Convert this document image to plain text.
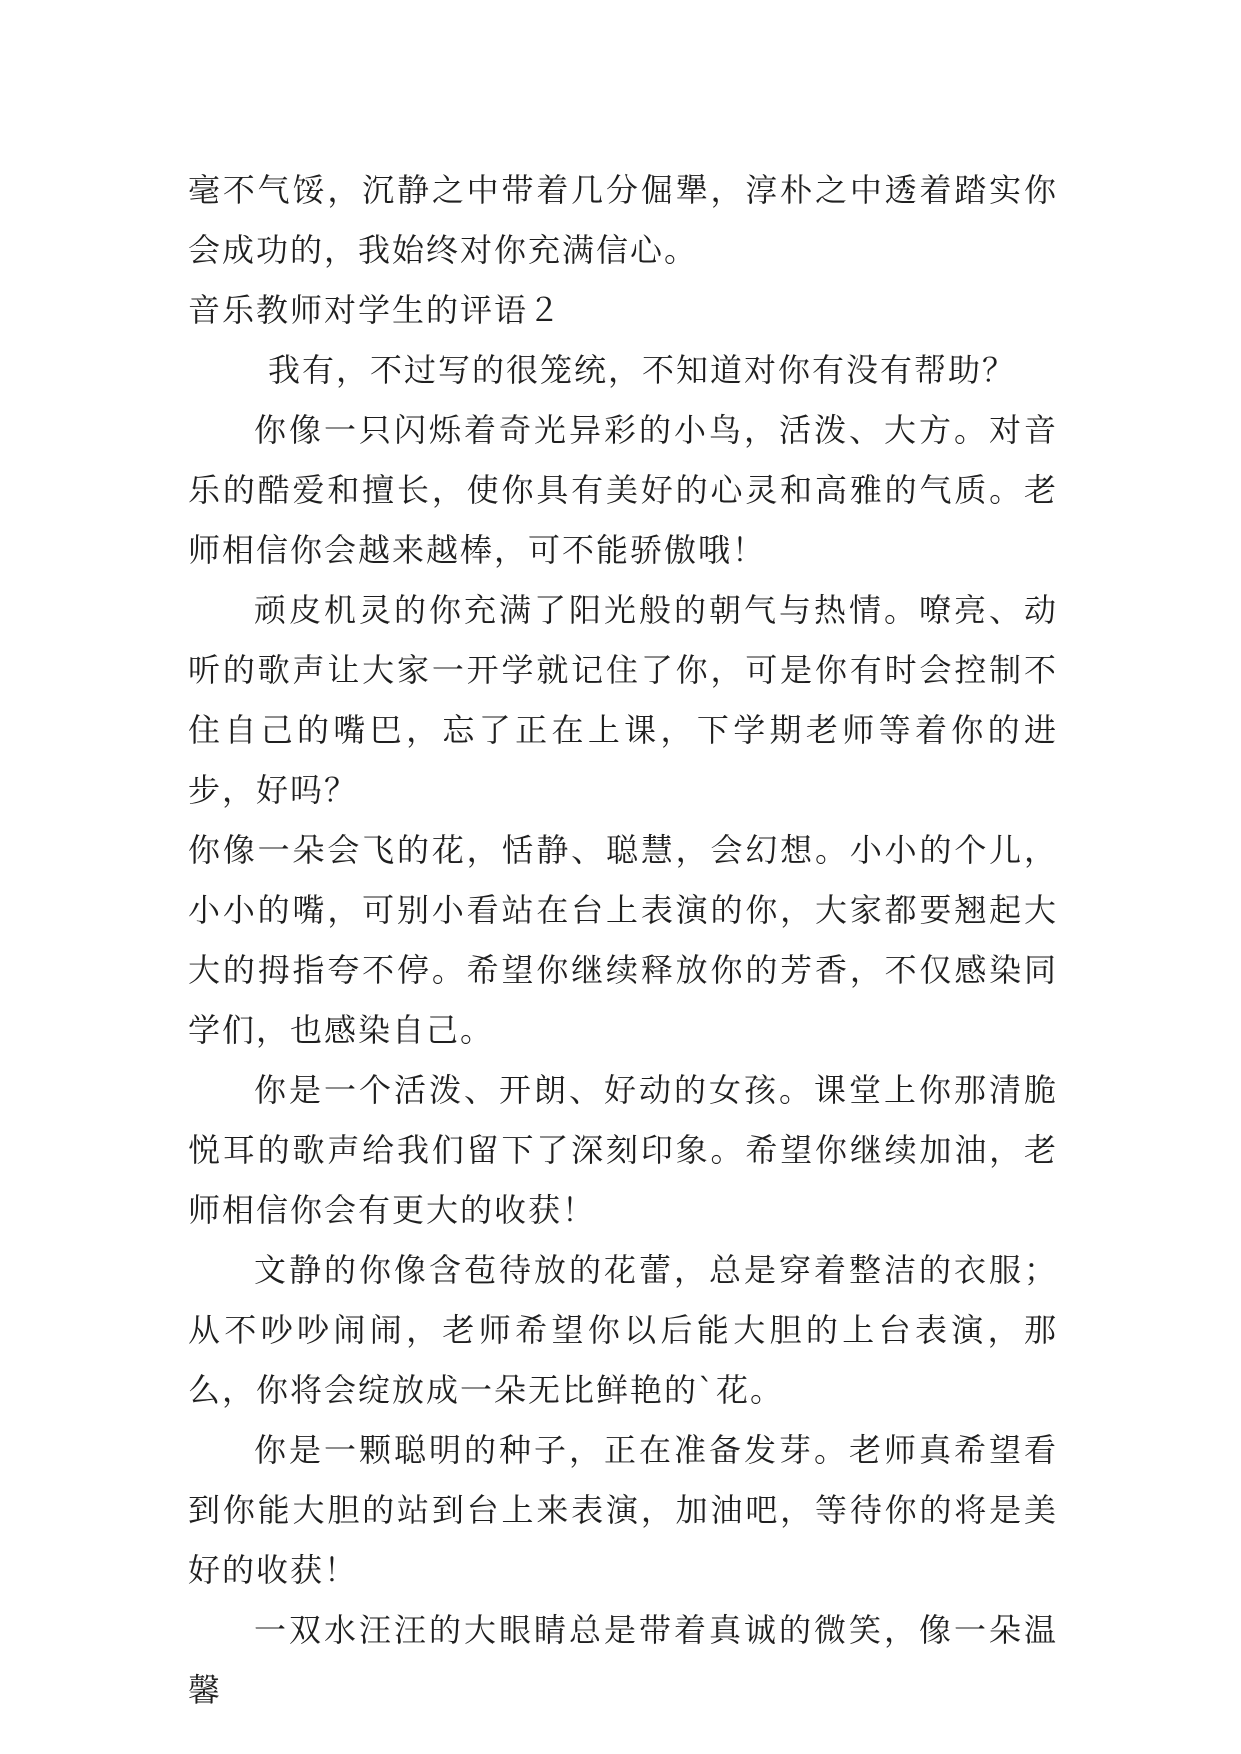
毫不气馁，沉静之中带着几分倔犟，淳朴之中透着踏实你会成功的，我始终对你充满信心。

音乐教师对学生的评语２

我有，不过写的很笼统，不知道对你有没有帮助？

你像一只闪烁着奇光异彩的小鸟，活泼、大方。对音乐的酷爱和擅长，使你具有美好的心灵和高雅的气质。老师相信你会越来越棒，可不能骄傲哦！

顽皮机灵的你充满了阳光般的朝气与热情。嘹亮、动听的歌声让大家一开学就记住了你，可是你有时会控制不住自己的嘴巴，忘了正在上课，下学期老师等着你的进步，好吗？

你像一朵会飞的花，恬静、聪慧，会幻想。小小的个儿，小小的嘴，可别小看站在台上表演的你，大家都要翘起大大的拇指夸不停。希望你继续释放你的芳香，不仅感染同学们，也感染自己。

你是一个活泼、开朗、好动的女孩。课堂上你那清脆悦耳的歌声给我们留下了深刻印象。希望你继续加油，老师相信你会有更大的收获！

文静的你像含苞待放的花蕾，总是穿着整洁的衣服；从不吵吵闹闹，老师希望你以后能大胆的上台表演，那么，你将会绽放成一朵无比鲜艳的`花。

你是一颗聪明的种子，正在准备发芽。老师真希望看到你能大胆的站到台上来表演，加油吧，等待你的将是美好的收获！

一双水汪汪的大眼睛总是带着真诚的微笑，像一朵温馨
